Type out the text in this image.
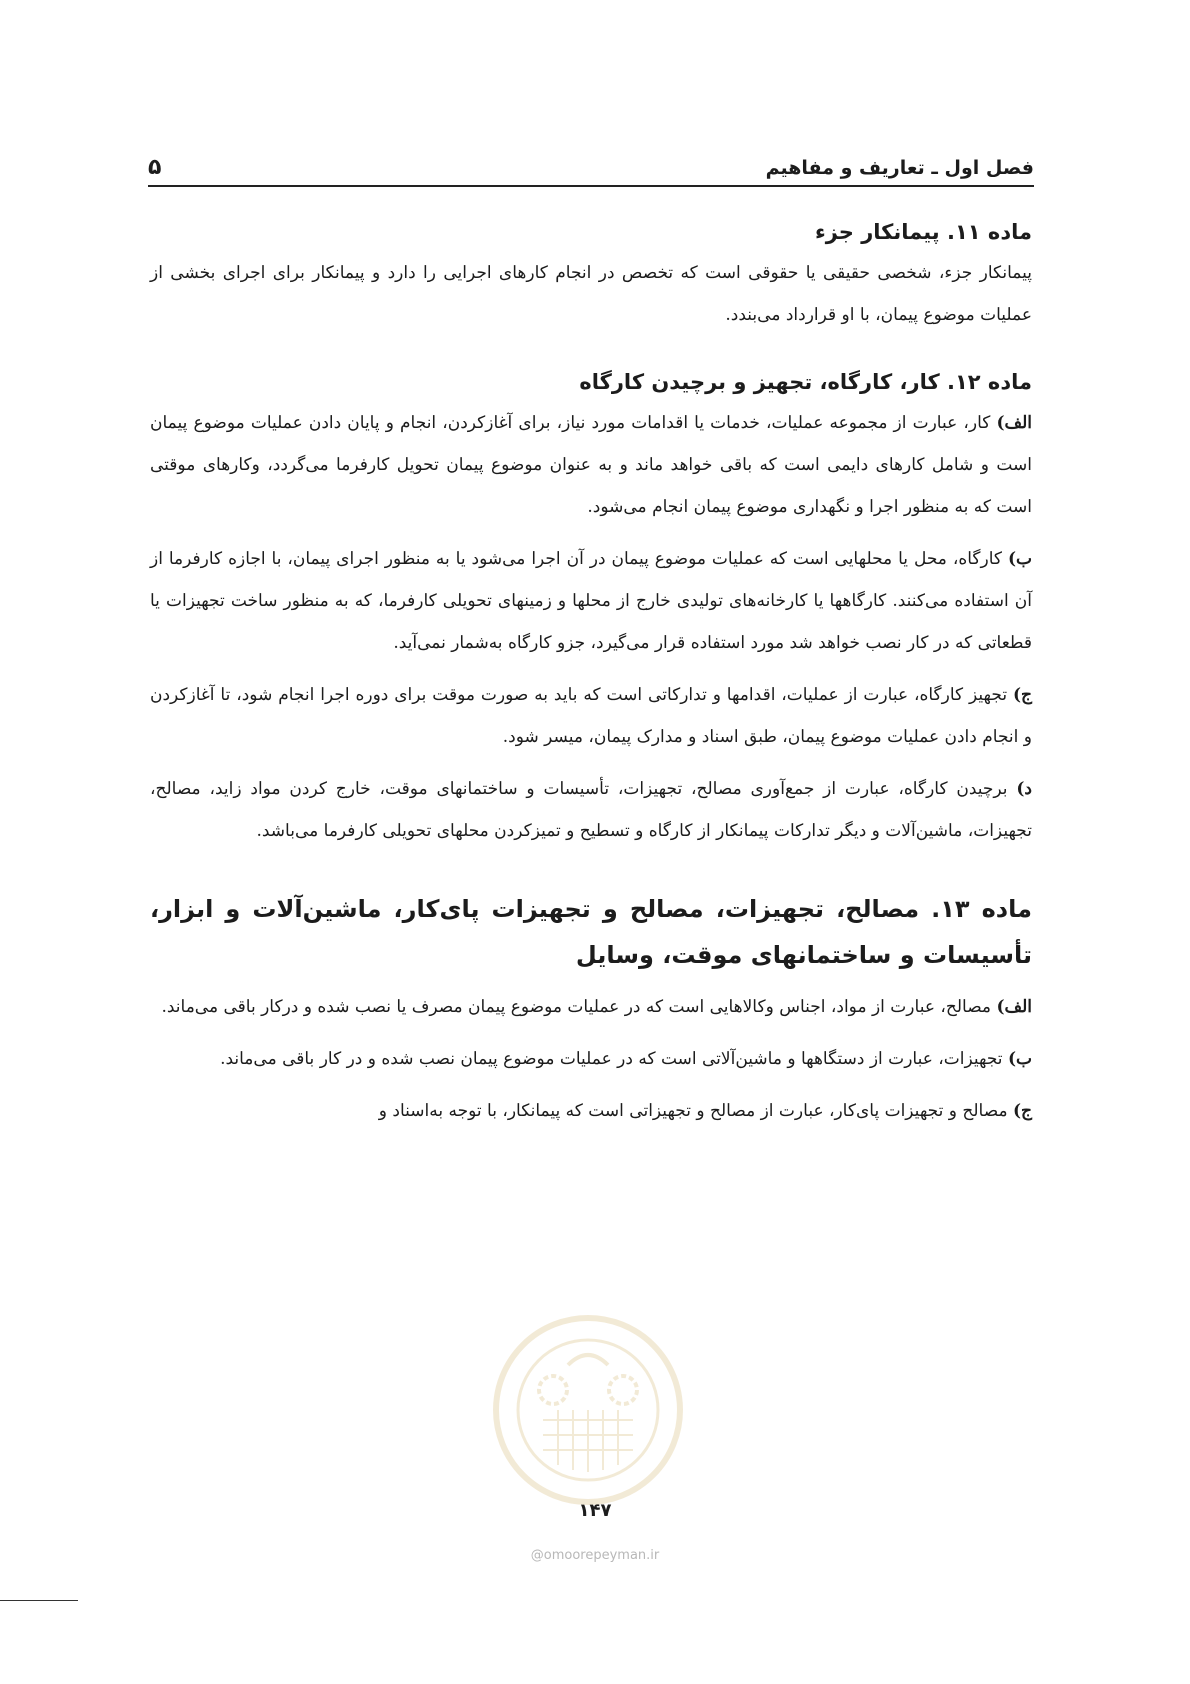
فصل اول ـ تعاریف و مفاهیم
۵
ماده ۱۱. پیمانکار جزء

پیمانکار جزء، شخصی حقیقی یا حقوقی است که تخصص در انجام کارهای اجرایی را دارد و پیمانکار برای اجرای بخشی از عملیات موضوع پیمان، با او قرارداد می‌بندد.

ماده ۱۲. کار، کارگاه، تجهیز و برچیدن کارگاه

الف) کار، عبارت از مجموعه عملیات، خدمات یا اقدامات مورد نیاز، برای آغازکردن، انجام و پایان دادن عملیات موضوع پیمان است و شامل کارهای دایمی است که باقی خواهد ماند و به عنوان موضوع پیمان تحویل کارفرما می‌گردد، وکارهای موقتی است که به منظور اجرا و نگهداری موضوع پیمان انجام می‌شود.

ب) کارگاه، محل یا محلهایی است که عملیات موضوع پیمان در آن اجرا می‌شود یا به منظور اجرای پیمان، با اجازه کارفرما از آن استفاده می‌کنند. کارگاهها یا کارخانه‌های تولیدی خارج از محلها و زمینهای تحویلی کارفرما، که به منظور ساخت تجهیزات یا قطعاتی که در کار نصب خواهد شد مورد استفاده قرار می‌گیرد، جزو کارگاه به‌شمار نمی‌آید.

ج) تجهیز کارگاه، عبارت از عملیات، اقدامها و تدارکاتی است که باید به صورت موقت برای دوره اجرا انجام شود، تا آغازکردن و انجام دادن عملیات موضوع پیمان، طبق اسناد و مدارک پیمان، میسر شود.

د) برچیدن کارگاه، عبارت از جمع‌آوری مصالح، تجهیزات، تأسیسات و ساختمانهای موقت، خارج کردن مواد زاید، مصالح، تجهیزات، ماشین‌آلات و دیگر تدارکات پیمانکار از کارگاه و تسطیح و تمیزکردن محلهای تحویلی کارفرما می‌باشد.

ماده ۱۳. مصالح، تجهیزات، مصالح و تجهیزات پای‌کار، ماشین‌آلات و ابزار، تأسیسات و ساختمانهای موقت، وسایل

الف) مصالح، عبارت از مواد، اجناس وکالاهایی است که در عملیات موضوع پیمان مصرف یا نصب شده و درکار باقی می‌ماند.

ب) تجهیزات، عبارت از دستگاهها و ماشین‌آلاتی است که در عملیات موضوع پیمان نصب شده و در کار باقی می‌ماند.

ج) مصالح و تجهیزات پای‌کار، عبارت از مصالح و تجهیزاتی است که پیمانکار، با توجه به‌اسناد و

۱۴۷
@omoorepeyman.ir
